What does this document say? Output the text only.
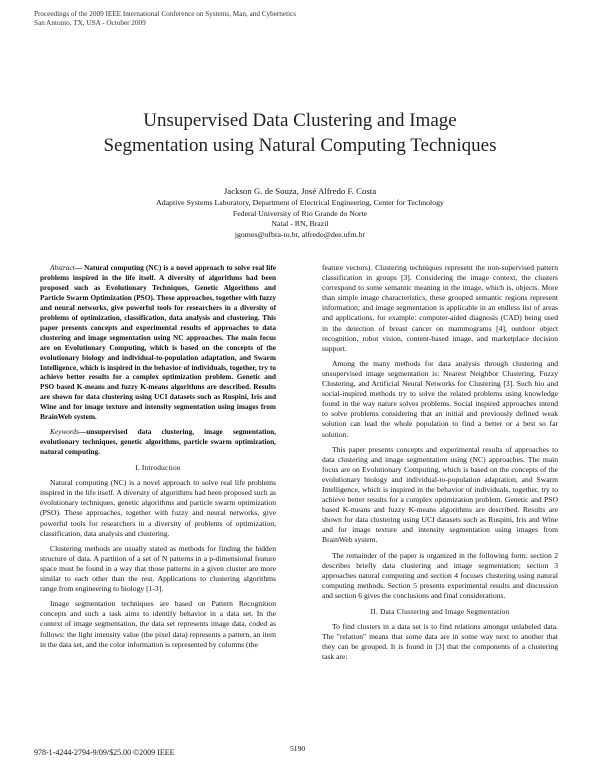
Proceedings of the 2009 IEEE International Conference on Systems, Man, and Cybernetics
San Antonio, TX, USA - October 2009
Unsupervised Data Clustering and Image
Segmentation using Natural Computing Techniques
Jackson G. de Souza, José Alfredo F. Costa
Adaptive Systems Laboratory, Department of Electrical Engineering, Center for Technology
Federal University of Rio Grande do Norte
Natal - RN, Brazil
jgomes@ufbra-to.br, alfredo@dee.ufrn.br

Abstract— Natural computing (NC) is a novel approach to solve real life problems inspired in the life itself. A diversity of algorithms had been proposed such as Evolutionary Techniques, Genetic Algorithms and Particle Swarm Optimization (PSO). These approaches, together with fuzzy and neural networks, give powerful tools for researchers in a diversity of problems of optimization, classification, data analysis and clustering. This paper presents concepts and experimental results of approaches to data clustering and image segmentation using NC approaches. The main focus are on Evolutionary Computing, which is based on the concepts of the evolutionary biology and individual-to-population adaptation, and Swarm Intelligence, which is inspired in the behavior of individuals, together, try to achieve better results for a complex optimization problem. Genetic and PSO based K-means and fuzzy K-means algorithms are described. Results are shown for data clustering using UCI datasets such as Ruspini, Iris and Wine and for image texture and intensity segmentation using images from BrainWeb system.

Keywords—unsupervised data clustering, image segmentation, evolutionary techniques, genetic algorithms, particle swarm optimization, natural computing.

I. Introduction

Natural computing (NC) is a novel approach to solve real life problems inspired in the life itself. A diversity of algorithms had been proposed such as evolutionary techniques, genetic algorithms and particle swarm optimization (PSO). These approaches, together with fuzzy and neural networks, give powerful tools for researchers in a diversity of problems of optimization, classification, data analysis and clustering.

Clustering methods are usually stated as methods for finding the hidden structure of data. A partition of a set of N patterns in a p-dimensional feature space must be found in a way that those patterns in a given cluster are more similar to each other than the rest. Applications to clustering algorithms range from engineering to biology [1-3].

Image segmentation techniques are based on Pattern Recognition concepts and such a task aims to identify behavior in a data set. In the context of image segmentation, the data set represents image data, coded as follows: the light intensity value (the pixel data) represents a pattern, an item in the data set, and the color information is represented by columns (the

feature vectors). Clustering techniques represent the non-supervised pattern classification in groups [3]. Considering the image context, the clusters correspond to some semantic meaning in the image, which is, objects. More than simple image characteristics, these grouped semantic regions represent information; and image segmentation is applicable in an endless list of areas and applications, for example: computer-aided diagnosis (CAD) being used in the detection of breast cancer on mammograms [4], outdoor object recognition, robot vision, content-based image, and marketplace decision support.

Among the many methods for data analysis through clustering and unsupervised image segmentation is: Nearest Neighbor Clustering, Fuzzy Clustering, and Artificial Neural Networks for Clustering [3]. Such bio and social-inspired methods try to solve the related problems using knowledge found in the way nature solves problems. Social inspired approaches intend to solve problems considering that an initial and previously defined weak solution can lead the whole population to find a better or a best so far solution.

This paper presents concepts and experimental results of approaches to data clustering and image segmentation using (NC) approaches. The main focus are on Evolutionary Computing, which is based on the concepts of the evolutionary biology and individual-to-population adaptation, and Swarm Intelligence, which is inspired in the behavior of individuals, together, try to achieve better results for a complex optimization problem. Genetic and PSO based K-means and fuzzy K-means algorithms are described. Results are shown for data clustering using UCI datasets such as Ruspini, Iris and Wine and for image texture and intensity segmentation using images from BrainWeb system.

The remainder of the paper is organized in the following form: section 2 describes briefly data clustering and image segmentation; section 3 approaches natural computing and section 4 focuses clustering using natural computing methods. Section 5 presents experimental results and discussion and section 6 gives the conclusions and final considerations.

II. Data Clustering and Image Segmentation

To find clusters in a data set is to find relations amongst unlabeled data. The "relation" means that some data are in some way next to another that they can be grouped. It is found in [3] that the components of a clustering task are:

5190
978-1-4244-2794-9/09/$25.00 ©2009 IEEE
